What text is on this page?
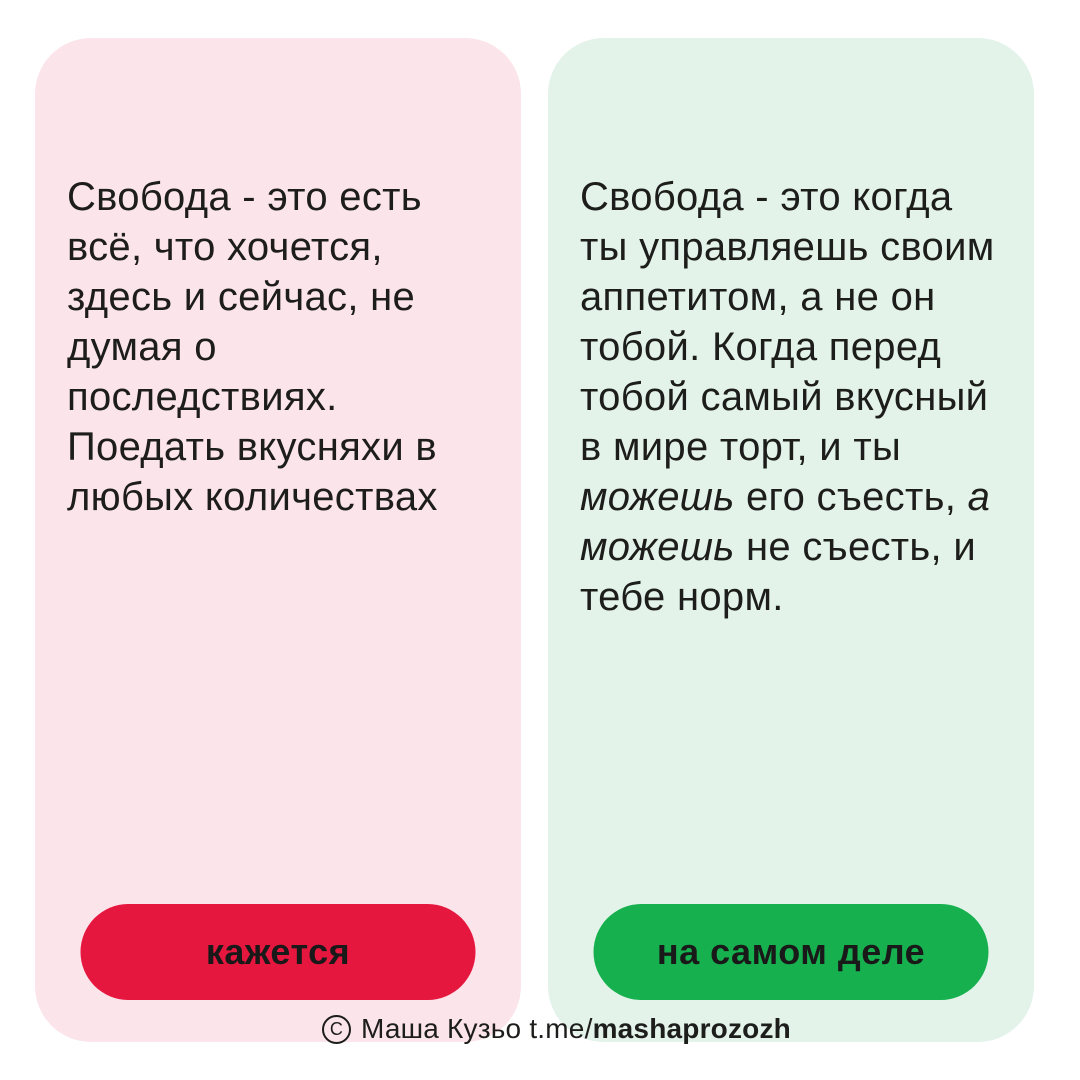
Свобода - это есть
всё, что хочется,
здесь и сейчас, не
думая о
последствиях.
Поедать вкусняхи в
любых количествах
кажется
Свобода - это когда
ты управляешь своим
аппетитом, а не он
тобой. Когда перед
тобой самый вкусный
в мире торт, и ты
можешь его съесть, а
можешь не съесть, и
тебе норм.
на самом деле
C Маша Кузьо t.me/mashaprozozh
